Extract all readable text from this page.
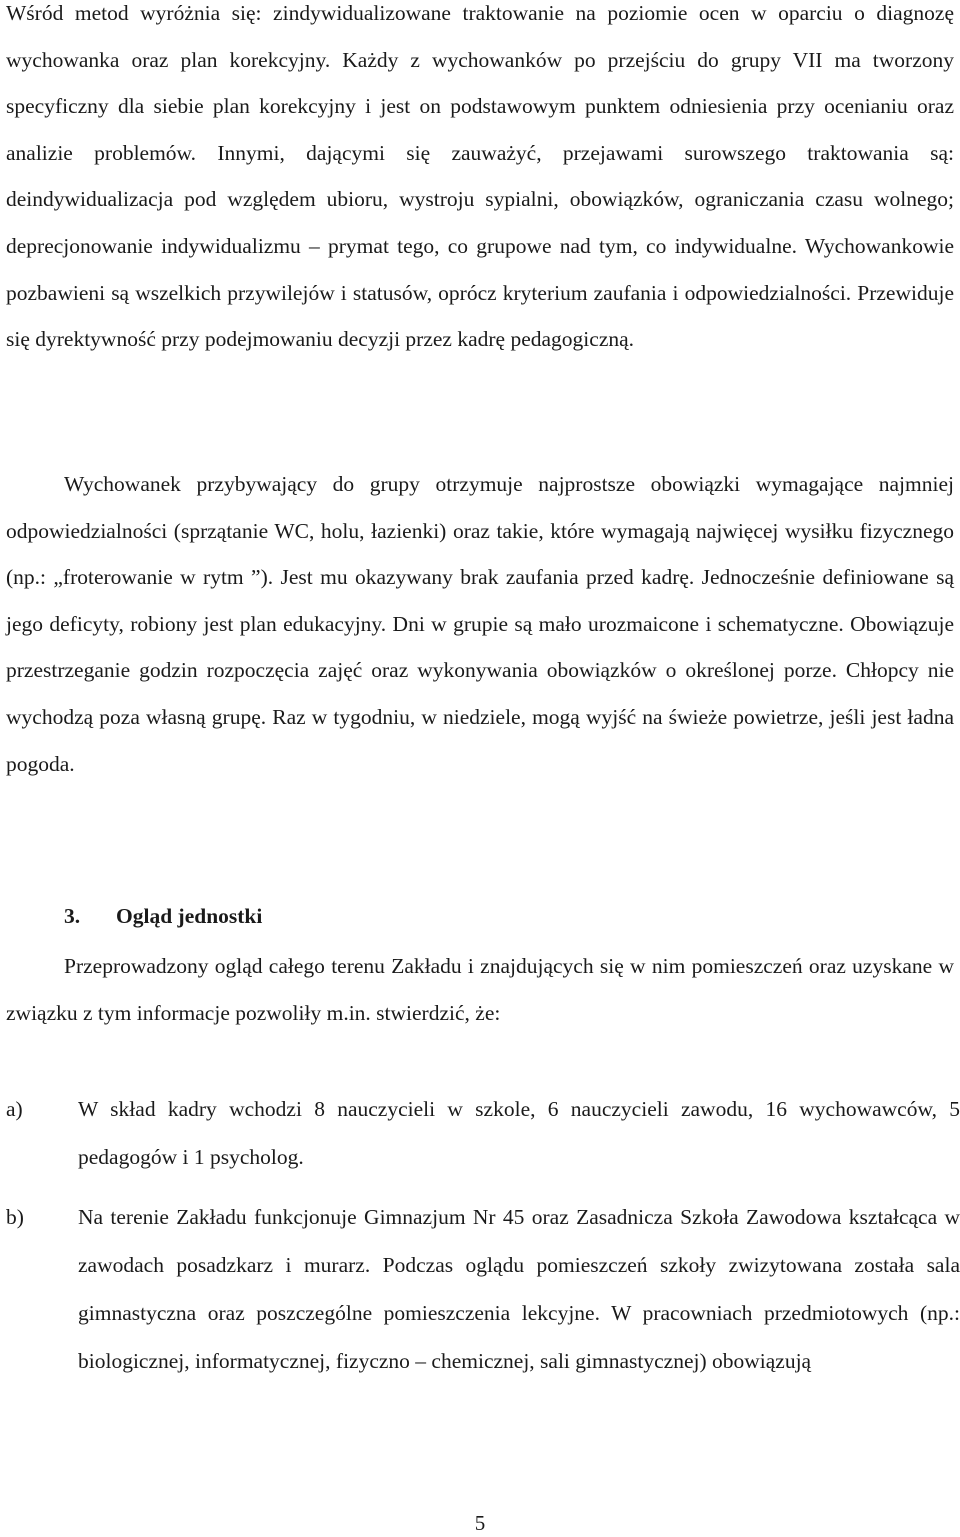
Wśród metod wyróżnia się: zindywidualizowane traktowanie na poziomie ocen w oparciu o diagnozę wychowanka oraz plan korekcyjny. Każdy z wychowanków po przejściu do grupy VII ma tworzony specyficzny dla siebie plan korekcyjny i jest on podstawowym punktem odniesienia przy ocenianiu oraz analizie problemów. Innymi, dającymi się zauważyć, przejawami surowszego traktowania są: deindywidualizacja pod względem ubioru, wystroju sypialni, obowiązków, ograniczania czasu wolnego; deprecjonowanie indywidualizmu – prymat tego, co grupowe nad tym, co indywidualne. Wychowankowie pozbawieni są wszelkich przywilejów i statusów, oprócz kryterium zaufania i odpowiedzialności. Przewiduje się dyrektywność przy podejmowaniu decyzji przez kadrę pedagogiczną.

Wychowanek przybywający do grupy otrzymuje najprostsze obowiązki wymagające najmniej odpowiedzialności (sprzątanie WC, holu, łazienki) oraz takie, które wymagają najwięcej wysiłku fizycznego (np.: „froterowanie w rytm ”). Jest mu okazywany brak zaufania przed kadrę. Jednocześnie definiowane są jego deficyty, robiony jest plan edukacyjny. Dni w grupie są mało urozmaicone i schematyczne. Obowiązuje przestrzeganie godzin rozpoczęcia zajęć oraz wykonywania obowiązków o określonej porze. Chłopcy nie wychodzą poza własną grupę. Raz w tygodniu, w niedziele, mogą wyjść na świeże powietrze, jeśli jest ładna pogoda.

3. Ogląd jednostki

Przeprowadzony ogląd całego terenu Zakładu i znajdujących się w nim pomieszczeń oraz uzyskane w związku z tym informacje pozwoliły m.in. stwierdzić, że:

a)	W skład kadry wchodzi 8 nauczycieli w szkole, 6 nauczycieli zawodu, 16 wychowawców, 5 pedagogów i 1 psycholog.

b)	Na terenie Zakładu funkcjonuje Gimnazjum Nr 45 oraz Zasadnicza Szkoła Zawodowa kształcąca w zawodach posadzkarz i murarz. Podczas oglądu pomieszczeń szkoły zwizytowana została sala gimnastyczna oraz poszczególne pomieszczenia lekcyjne. W pracowniach przedmiotowych (np.: biologicznej, informatycznej, fizyczno – chemicznej, sali gimnastycznej) obowiązują

5
